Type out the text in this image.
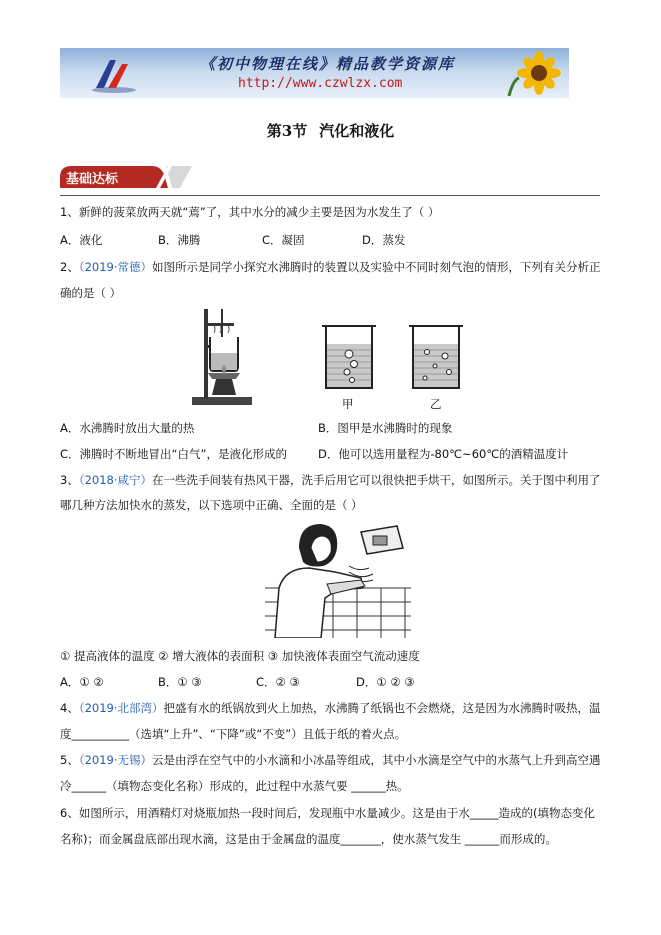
《初中物理在线》精品教学资源库
http://www.czwlzx.com
第3节 汽化和液化
基础达标
1、新鲜的菠菜放两天就“蔫”了，其中水分的减少主要是因为水发生了（ ）
A．液化	B．沸腾	C．凝固	D．蒸发
2、（2019·常德）如图所示是同学小探究水沸腾时的装置以及实验中不同时刻气泡的情形，下列有关分析正
确的是（ ）
甲	乙
A．水沸腾时放出大量的热	B．图甲是水沸腾时的现象
C．沸腾时不断地冒出“白气”，是液化形成的	D．他可以选用量程为-80℃~60℃的酒精温度计
3、（2018·咸宁）在一些洗手间装有热风干器，洗手后用它可以很快把手烘干，如图所示。关于图中利用了
哪几种方法加快水的蒸发，以下选项中正确、全面的是（ ）
① 提高液体的温度 ② 增大液体的表面积 ③ 加快液体表面空气流动速度
A．① ②	B．① ③	C．② ③	D．① ② ③
4、（2019·北部湾）把盛有水的纸锅放到火上加热，水沸腾了纸锅也不会燃烧，这是因为水沸腾时吸热，温
度__________（选填“上升”、“下降”或“不变”）且低于纸的着火点。
5、（2019·无锡）云是由浮在空气中的小水滴和小冰晶等组成，其中小水滴是空气中的水蒸气上升到高空遇
冷______（填物态变化名称）形成的，此过程中水蒸气要 ______热。
6、如图所示，用酒精灯对烧瓶加热一段时间后，发现瓶中水量减少。这是由于水_____造成的(填物态变化
名称)；而金属盘底部出现水滴，这是由于金属盘的温度_______，使水蒸气发生 ______而形成的。
